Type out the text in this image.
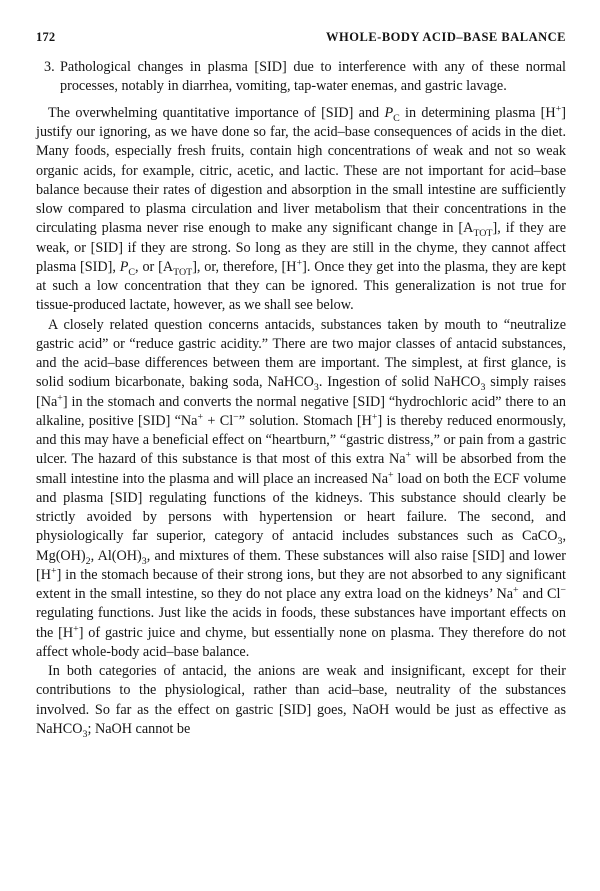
172	WHOLE-BODY ACID–BASE BALANCE
3. Pathological changes in plasma [SID] due to interference with any of these normal processes, notably in diarrhea, vomiting, tap-water enemas, and gastric lavage.

The overwhelming quantitative importance of [SID] and $P_C$ in determining plasma [H+] justify our ignoring, as we have done so far, the acid–base consequences of acids in the diet. Many foods, especially fresh fruits, contain high concentrations of weak and not so weak organic acids, for example, citric, acetic, and lactic. These are not important for acid–base balance because their rates of digestion and absorption in the small intestine are sufficiently slow compared to plasma circulation and liver metabolism that their concentrations in the circulating plasma never rise enough to make any significant change in $[A_{TOT}]$, if they are weak, or [SID] if they are strong. So long as they are still in the chyme, they cannot affect plasma [SID], $P_C$, or $[A_{TOT}]$, or, therefore, [H+]. Once they get into the plasma, they are kept at such a low concentration that they can be ignored. This generalization is not true for tissue-produced lactate, however, as we shall see below.

A closely related question concerns antacids, substances taken by mouth to “neutralize gastric acid” or “reduce gastric acidity.” There are two major classes of antacid substances, and the acid–base differences between them are important. The simplest, at first glance, is solid sodium bicarbonate, baking soda, NaHCO$_3$. Ingestion of solid NaHCO$_3$ simply raises [Na+] in the stomach and converts the normal negative [SID] “hydrochloric acid” there to an alkaline, positive [SID] “Na+ + Cl−” solution. Stomach [H+] is thereby reduced enormously, and this may have a beneficial effect on “heartburn,” “gastric distress,” or pain from a gastric ulcer. The hazard of this substance is that most of this extra Na+ will be absorbed from the small intestine into the plasma and will place an increased Na+ load on both the ECF volume and plasma [SID] regulating functions of the kidneys. This substance should clearly be strictly avoided by persons with hypertension or heart failure. The second, and physiologically far superior, category of antacid includes substances such as CaCO$_3$, $Mg(OH)_2$, $Al(OH)_3$, and mixtures of them. These substances will also raise [SID] and lower [H+] in the stomach because of their strong ions, but they are not absorbed to any significant extent in the small intestine, so they do not place any extra load on the kidneys’ Na+ and Cl− regulating functions. Just like the acids in foods, these substances have important effects on the [H+] of gastric juice and chyme, but essentially none on plasma. They therefore do not affect whole-body acid–base balance.

In both categories of antacid, the anions are weak and insignificant, except for their contributions to the physiological, rather than acid–base, neutrality of the substances involved. So far as the effect on gastric [SID] goes, NaOH would be just as effective as NaHCO$_3$; NaOH cannot be
